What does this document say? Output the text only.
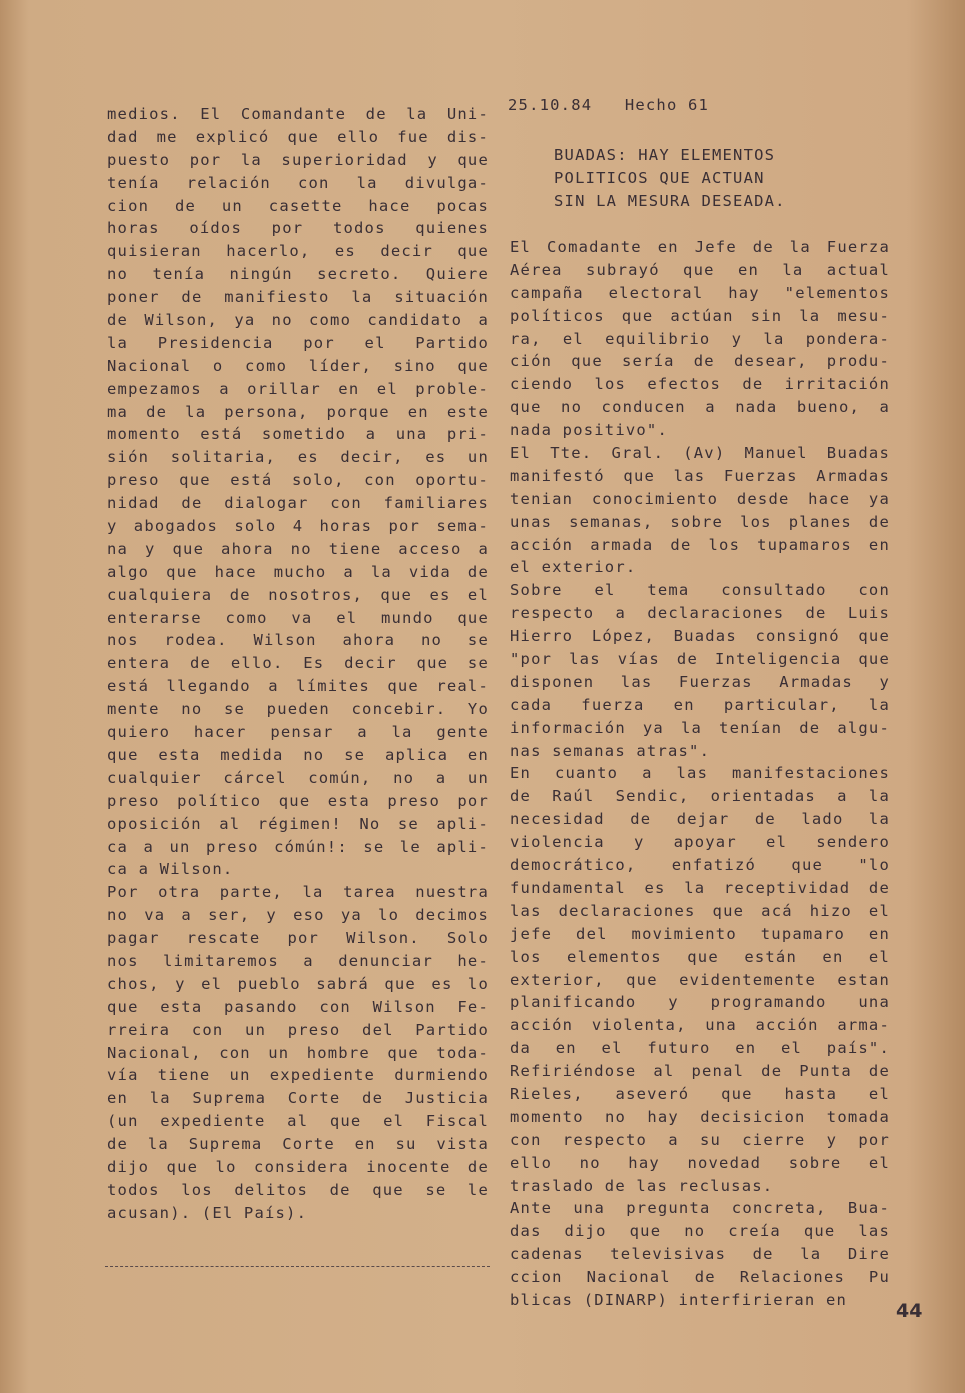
25.10.84 Hecho 61
BUADAS: HAY ELEMENTOS
POLITICOS QUE ACTUAN
SIN LA MESURA DESEADA.
medios. El Comandante de la Uni-
dad me explicó que ello fue dis-
puesto por la superioridad y que
tenía relación con la divulga-
cion de un casette hace pocas
horas oídos por todos quienes
quisieran hacerlo, es decir que
no tenía ningún secreto. Quiere
poner de manifiesto la situación
de Wilson, ya no como candidato a
la Presidencia por el Partido
Nacional o como líder, sino que
empezamos a orillar en el proble-
ma de la persona, porque en este
momento está sometido a una pri-
sión solitaria, es decir, es un
preso que está solo, con oportu-
nidad de dialogar con familiares
y abogados solo 4 horas por sema-
na y que ahora no tiene acceso a
algo que hace mucho a la vida de
cualquiera de nosotros, que es el
enterarse como va el mundo que
nos rodea. Wilson ahora no se
entera de ello. Es decir que se
está llegando a límites que real-
mente no se pueden concebir. Yo
quiero hacer pensar a la gente
que esta medida no se aplica en
cualquier cárcel común, no a un
preso político que esta preso por
oposición al régimen! No se apli-
ca a un preso cómún!: se le apli-
ca a Wilson.
Por otra parte, la tarea nuestra
no va a ser, y eso ya lo decimos
pagar rescate por Wilson. Solo
nos limitaremos a denunciar he-
chos, y el pueblo sabrá que es lo
que esta pasando con Wilson Fe-
rreira con un preso del Partido
Nacional, con un hombre que toda-
vía tiene un expediente durmiendo
en la Suprema Corte de Justicia
(un expediente al que el Fiscal
de la Suprema Corte en su vista
dijo que lo considera inocente de
todos los delitos de que se le
acusan). (El País).
El Comadante en Jefe de la Fuerza
Aérea subrayó que en la actual
campaña electoral hay "elementos
políticos que actúan sin la mesu-
ra, el equilibrio y la pondera-
ción que sería de desear, produ-
ciendo los efectos de irritación
que no conducen a nada bueno, a
nada positivo".
El Tte. Gral. (Av) Manuel Buadas
manifestó que las Fuerzas Armadas
tenian conocimiento desde hace ya
unas semanas, sobre los planes de
acción armada de los tupamaros en
el exterior.
Sobre el tema consultado con
respecto a declaraciones de Luis
Hierro López, Buadas consignó que
"por las vías de Inteligencia que
disponen las Fuerzas Armadas y
cada fuerza en particular, la
información ya la tenían de algu-
nas semanas atras".
En cuanto a las manifestaciones
de Raúl Sendic, orientadas a la
necesidad de dejar de lado la
violencia y apoyar el sendero
democrático, enfatizó que "lo
fundamental es la receptividad de
las declaraciones que acá hizo el
jefe del movimiento tupamaro en
los elementos que están en el
exterior, que evidentemente estan
planificando y programando una
acción violenta, una acción arma-
da en el futuro en el país".
Refiriéndose al penal de Punta de
Rieles, aseveró que hasta el
momento no hay decisicion tomada
con respecto a su cierre y por
ello no hay novedad sobre el
traslado de las reclusas.
Ante una pregunta concreta, Bua-
das dijo que no creía que las
cadenas televisivas de la Dire
ccion Nacional de Relaciones Pu
blicas (DINARP) interfirieran en
44
